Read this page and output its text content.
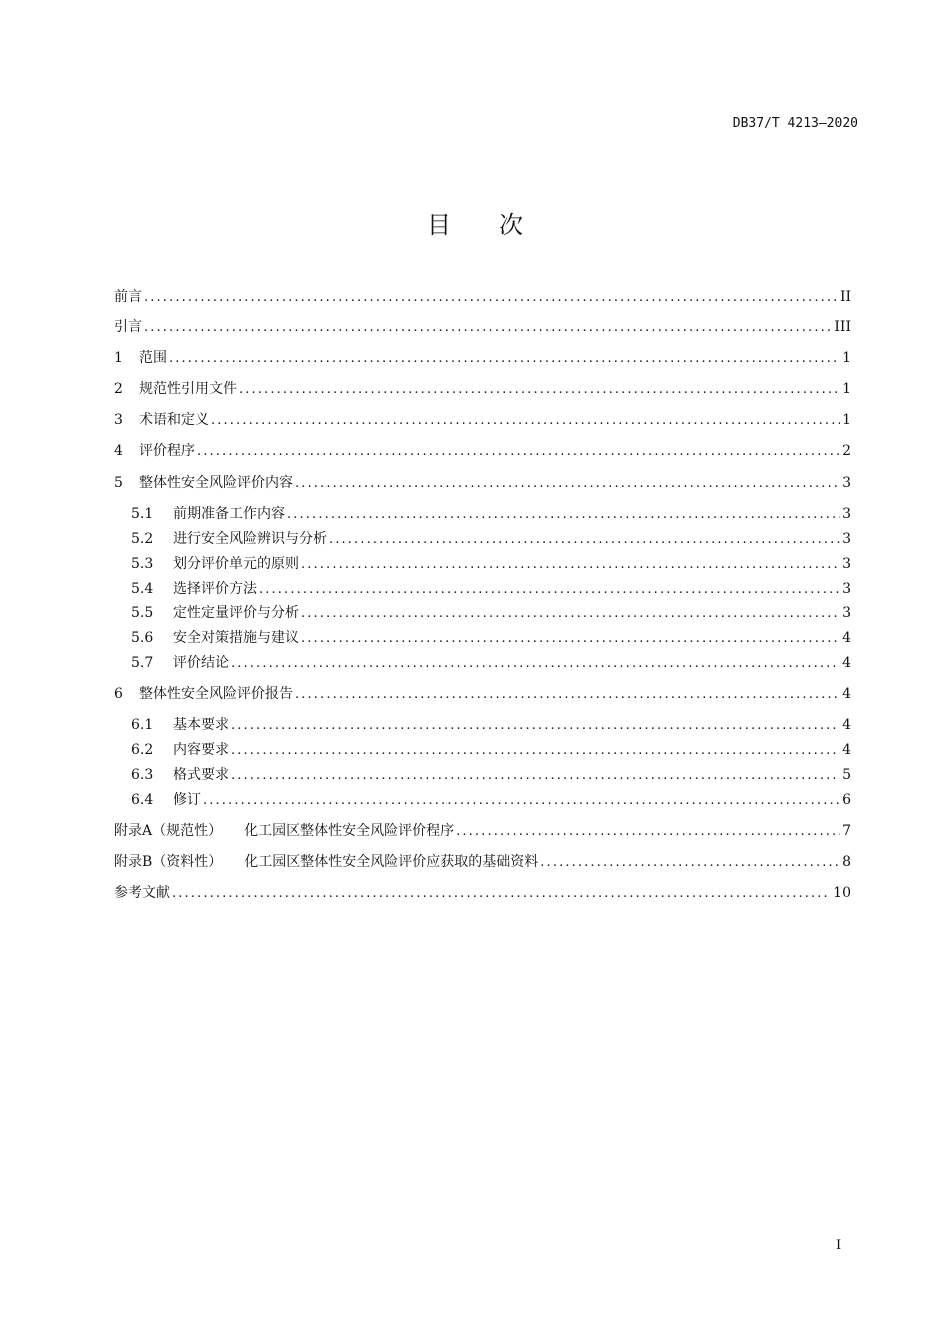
DB37/T 4213—2020
目次
前言 . . .	II
引言 . . .	III
1	范围 . . .	1
2	规范性引用文件 . . .	1
3	术语和定义 . . .	1
4	评价程序 . . .	2
5	整体性安全风险评价内容 . . .	3
5.1	前期准备工作内容 . . .	3
5.2	进行安全风险辨识与分析 . . .	3
5.3	划分评价单元的原则 . . .	3
5.4	选择评价方法 . . .	3
5.5	定性定量评价与分析 . . .	3
5.6	安全对策措施与建议 . . .	4
5.7	评价结论 . . .	4
6	整体性安全风险评价报告 . . .	4
6.1	基本要求 . . .	4
6.2	内容要求 . . .	4
6.3	格式要求 . . .	5
6.4	修订 . . .	6
附录A（规范性） 化工园区整体性安全风险评价程序 . . .	7
附录B（资料性） 化工园区整体性安全风险评价应获取的基础资料 . . .	8
参考文献 . . .	10
I
